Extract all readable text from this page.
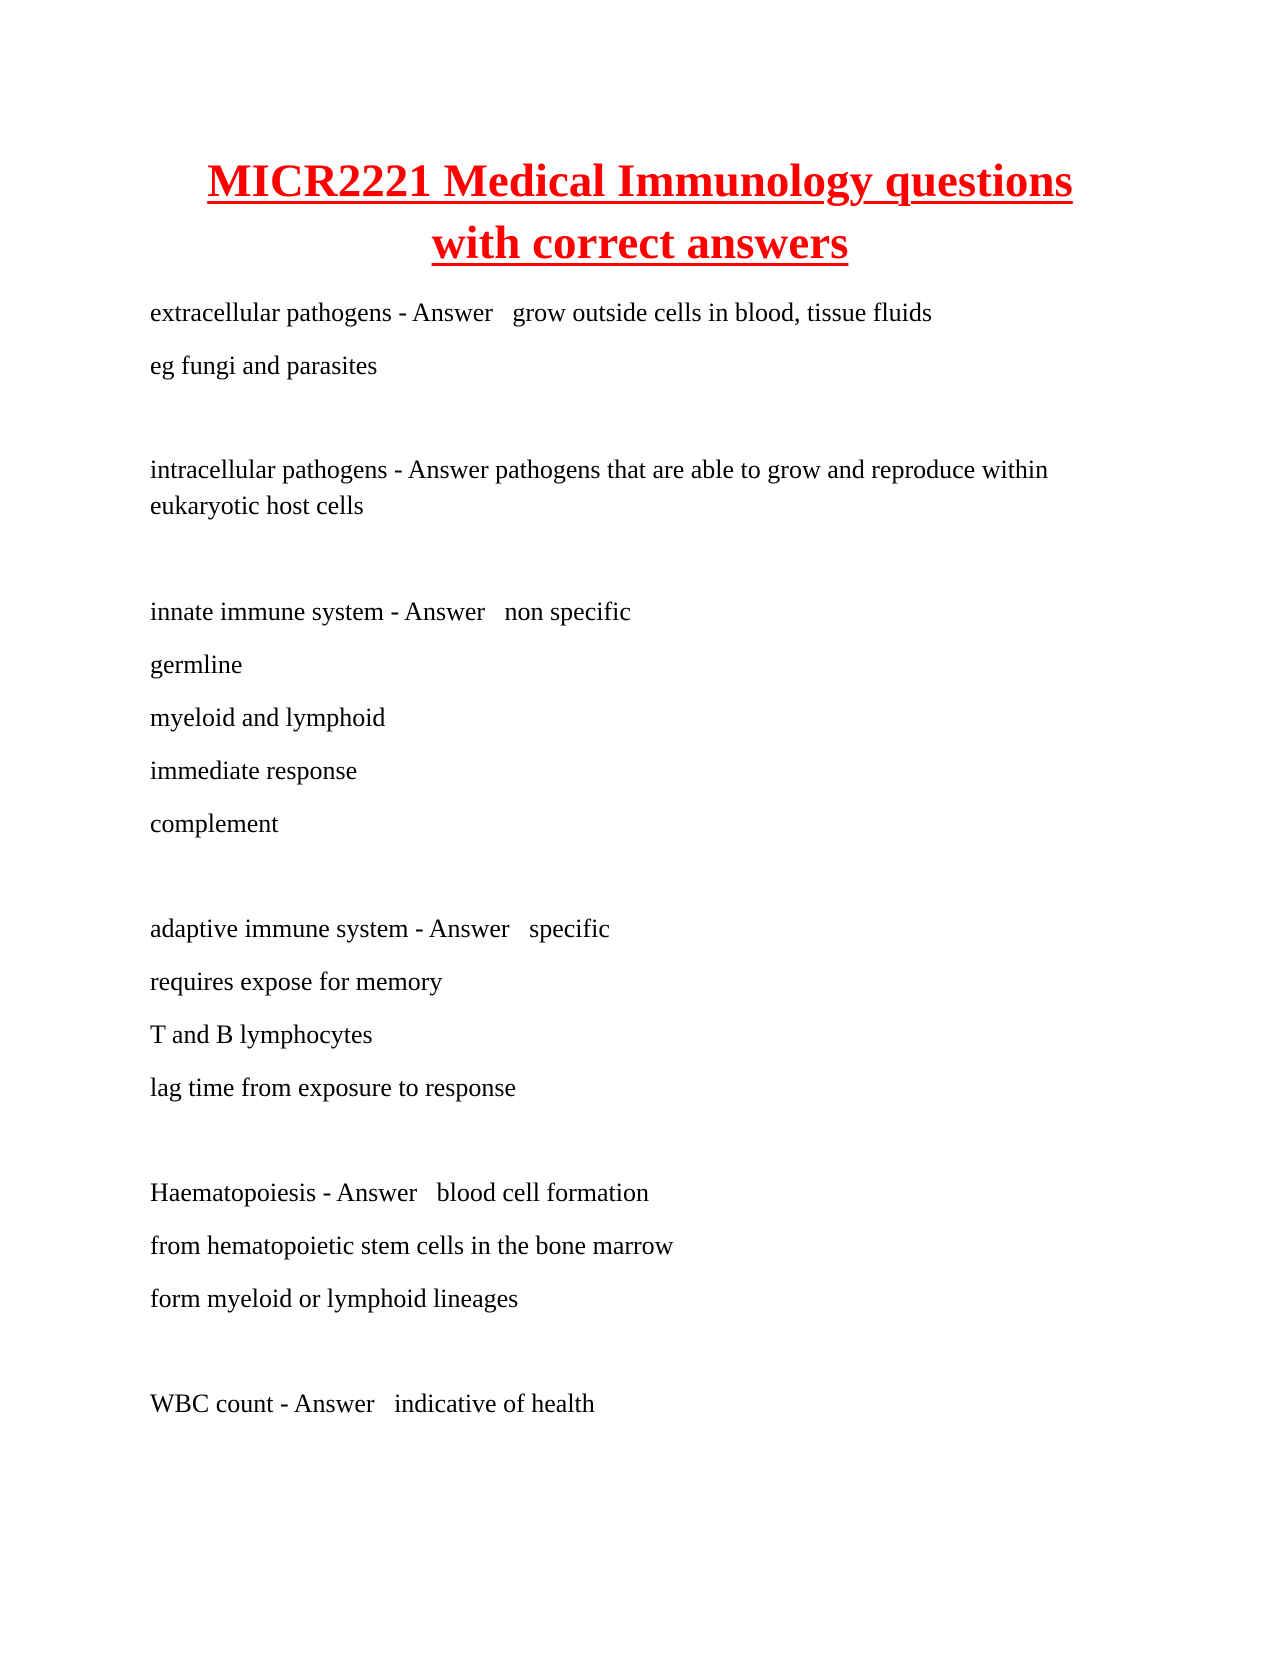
MICR2221 Medical Immunology questions
with correct answers

extracellular pathogens - Answer   grow outside cells in blood, tissue fluids

eg fungi and parasites

intracellular pathogens - Answer pathogens that are able to grow and reproduce within eukaryotic host cells

innate immune system - Answer   non specific

germline

myeloid and lymphoid

immediate response

complement

adaptive immune system - Answer   specific

requires expose for memory

T and B lymphocytes

lag time from exposure to response

Haematopoiesis - Answer   blood cell formation

from hematopoietic stem cells in the bone marrow

form myeloid or lymphoid lineages

WBC count - Answer   indicative of health
